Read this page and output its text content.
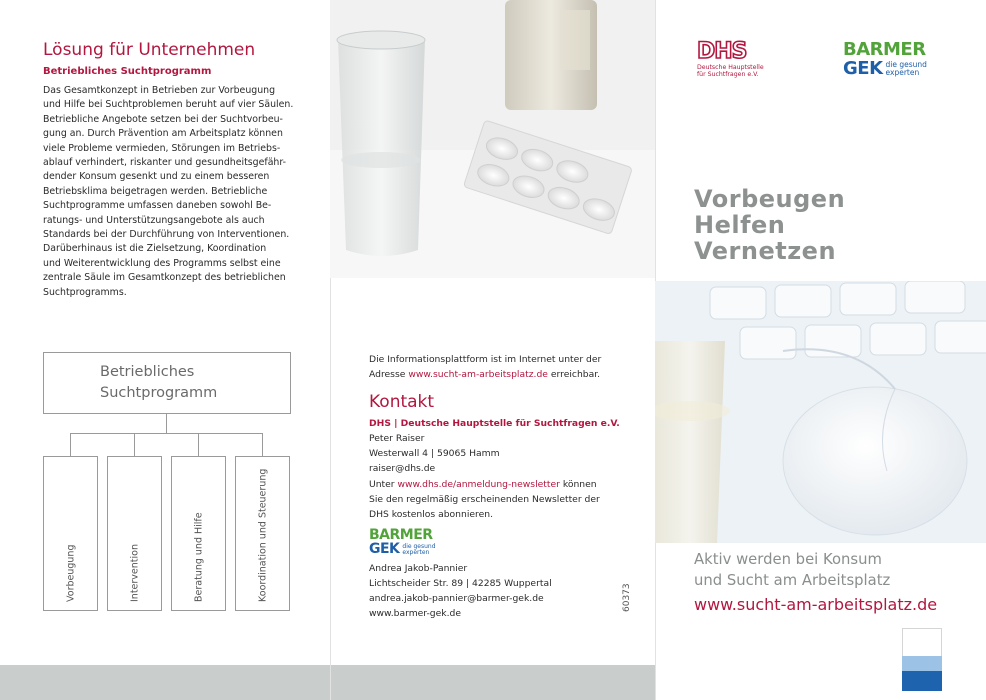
Lösung für Unternehmen
Betriebliches Suchtprogramm
Das Gesamtkonzept in Betrieben zur Vorbeugung
und Hilfe bei Suchtproblemen beruht auf vier Säulen.
Betriebliche Angebote setzen bei der Suchtvorbeu-
gung an. Durch Prävention am Arbeitsplatz können
viele Probleme vermieden, Störungen im Betriebs-
ablauf verhindert, riskanter und gesundheitsgefähr-
dender Konsum gesenkt und zu einem besseren
Betriebsklima beigetragen werden. Betriebliche
Suchtprogramme umfassen daneben sowohl Be-
ratungs- und Unterstützungsangebote als auch
Standards bei der Durchführung von Interventionen.
Darüberhinaus ist die Zielsetzung, Koordination
und Weiterentwicklung des Programms selbst eine
zentrale Säule im Gesamtkonzept des betrieblichen
Suchtprogramms.
Betriebliches
Suchtprogramm
Vorbeugung	Intervention	Beratung und Hilfe	Koordination und Steuerung
Die Informationsplattform ist im Internet unter der
Adresse www.sucht-am-arbeitsplatz.de erreichbar.
Kontakt
DHS | Deutsche Hauptstelle für Suchtfragen e.V.
Peter Raiser
Westerwall 4 | 59065 Hamm
raiser@dhs.de
Unter www.dhs.de/anmeldung-newsletter können
Sie den regelmäßig erscheinenden Newsletter der
DHS kostenlos abonnieren.
BARMER
GEK die gesund
experten
Andrea Jakob-Pannier
Lichtscheider Str. 89 | 42285 Wuppertal
andrea.jakob-pannier@barmer-gek.de
www.barmer-gek.de
60373
DHS
Deutsche Hauptstelle
für Suchtfragen e.V.
BARMER
GEK die gesund
experten
Vorbeugen
Helfen
Vernetzen
Aktiv werden bei Konsum
und Sucht am Arbeitsplatz
www.sucht-am-arbeitsplatz.de
